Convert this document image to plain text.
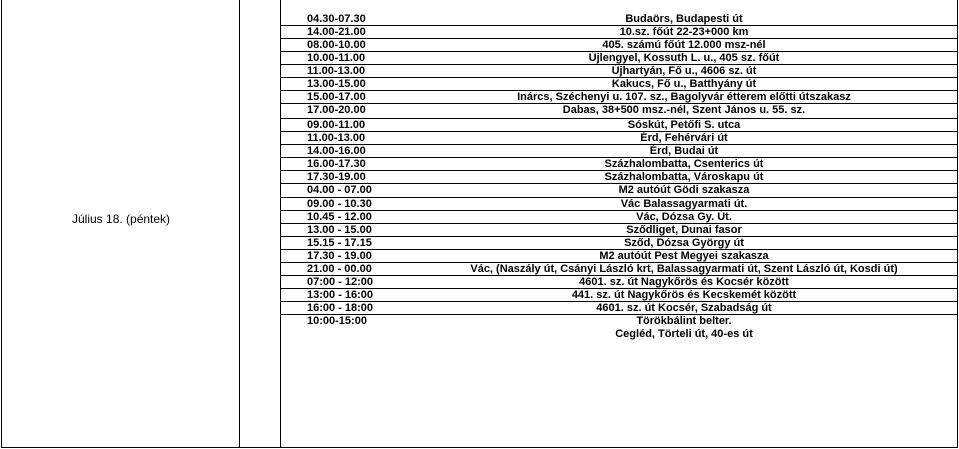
Július 18. (péntek)
04.30-07.30	Budaörs, Budapesti út
14.00-21.00	10.sz. főút 22-23+000 km
08.00-10.00	405. számú főút 12.000 msz-nél
10.00-11.00	Újlengyel, Kossuth L. u., 405 sz. főút
11.00-13.00	Újhartyán, Fő u., 4606 sz. út
13.00-15.00	Kakucs, Fő u., Batthyány út
15.00-17.00	Inárcs, Széchenyi u. 107. sz., Bagolyvár étterem előtti útszakasz
17.00-20.00	Dabas, 38+500 msz.-nél, Szent János u. 55. sz.
09.00-11.00	Sóskút, Petőfi S. utca
11.00-13.00	Érd, Fehérvári út
14.00-16.00	Érd, Budai út
16.00-17.30	Százhalombatta, Csenterics út
17.30-19.00	Százhalombatta, Városkapu út
04.00 - 07.00	M2 autóút Gödi szakasza
09.00 - 10.30	Vác Balassagyarmati út.
10.45 - 12.00	Vác, Dózsa Gy. Út.
13.00 - 15.00	Sződliget, Dunai fasor
15.15 - 17.15	Sződ, Dózsa György út
17.30 - 19.00	M2 autóút Pest Megyei szakasza
21.00 - 00.00	Vác, (Naszály út, Csányi László krt, Balassagyarmati út, Szent László út, Kosdi út)
07:00 - 12:00	4601. sz. út Nagykőrös és Kocsér között
13:00 - 16:00	441. sz. út Nagykőrös és Kecskemét között
16:00 - 18:00	4601. sz. út Kocsér, Szabadság út
10:00-15:00	Törökbálint belter.
Cegléd, Törteli út, 40-es út
